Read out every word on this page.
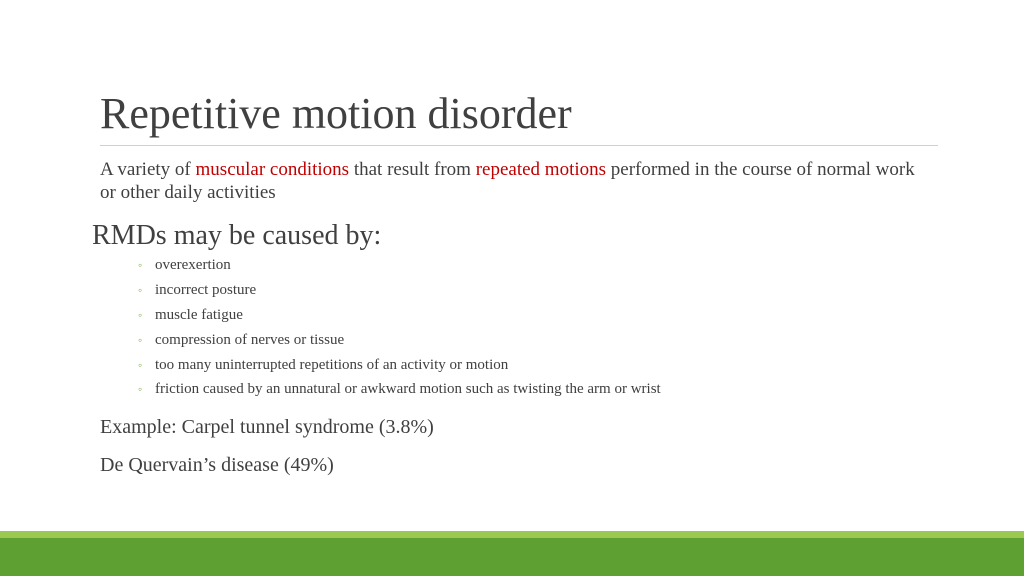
Repetitive motion disorder
A variety of muscular conditions that result from repeated motions performed in the course of normal work or other daily activities
RMDs may be caused by:
◦ overexertion
◦ incorrect posture
◦ muscle fatigue
◦ compression of nerves or tissue
◦ too many uninterrupted repetitions of an activity or motion
◦ friction caused by an unnatural or awkward motion such as twisting the arm or wrist
Example: Carpel tunnel syndrome (3.8%)
De Quervain’s disease (49%)
